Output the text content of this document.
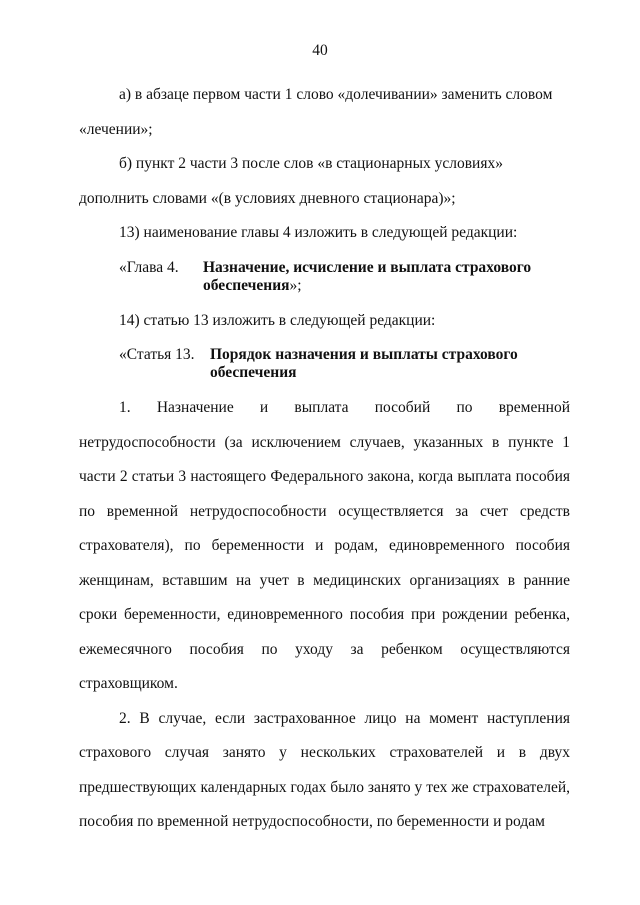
40

а) в абзаце первом части 1 слово «долечивании» заменить словом «лечении»;

б) пункт 2 части 3 после слов «в стационарных условиях» дополнить словами «(в условиях дневного стационара)»;

13) наименование главы 4 изложить в следующей редакции:

«Глава 4.	Назначение, исчисление и выплата страхового обеспечения»;

14) статью 13 изложить в следующей редакции:

«Статья 13. Порядок назначения и выплаты страхового обеспечения

1. Назначение и выплата пособий по временной нетрудоспособности (за исключением случаев, указанных в пункте 1 части 2 статьи 3 настоящего Федерального закона, когда выплата пособия по временной нетрудоспособности осуществляется за счет средств страхователя), по беременности и родам, единовременного пособия женщинам, вставшим на учет в медицинских организациях в ранние сроки беременности, единовременного пособия при рождении ребенка, ежемесячного пособия по уходу за ребенком осуществляются страховщиком.

2. В случае, если застрахованное лицо на момент наступления страхового случая занято у нескольких страхователей и в двух предшествующих календарных годах было занято у тех же страхователей, пособия по временной нетрудоспособности, по беременности и родам
